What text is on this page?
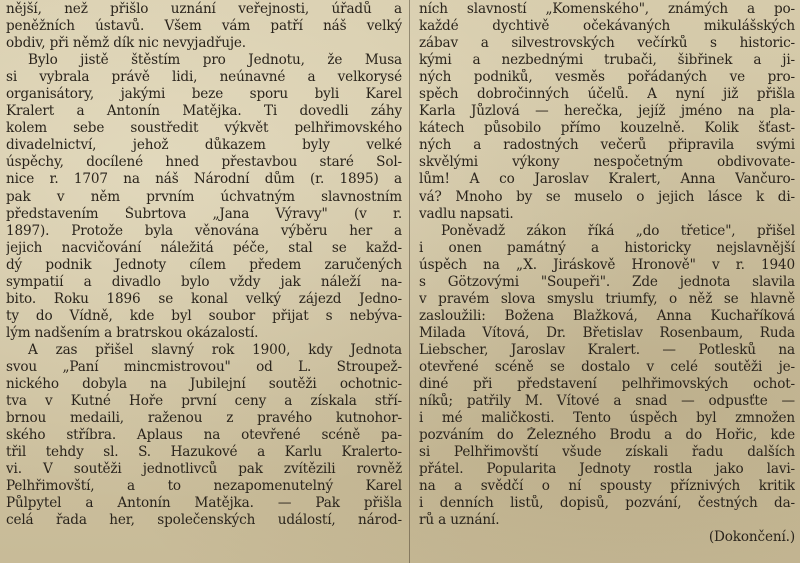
nější, než přišlo uznání veřejnosti, úřadů a
peněžních ústavů. Všem vám patří náš velký
obdiv, při němž dík nic nevyjadřuje.
Bylo jistě štěstím pro Jednotu, že Musa
si vybrala právě lidi, neúnavné a velkorysé
organisátory, jakými beze sporu byli Karel
Kralert a Antonín Matějka. Ti dovedli záhy
kolem sebe soustředit výkvět pelhřimovského
divadelnictví, jehož důkazem byly velké
úspěchy, docílené hned přestavbou staré Sol-
nice r. 1707 na náš Národní dům (r. 1895) a
pak v něm prvním úchvatným slavnostním
představením Šubrtova „Jana Výravy" (v r.
1897). Protože byla věnována výběru her a
jejich nacvičování náležitá péče, stal se každ-
dý podnik Jednoty cílem předem zaručených
sympatií a divadlo bylo vždy jak náleží na-
bito. Roku 1896 se konal velký zájezd Jedno-
ty do Vídně, kde byl soubor přijat s nebýva-
lým nadšením a bratrskou okázalostí.
A zas přišel slavný rok 1900, kdy Jednota
svou „Paní mincmistrovou" od L. Stroupež-
nického dobyla na Jubilejní soutěži ochotnic-
tva v Kutné Hoře první ceny a získala stří-
brnou medaili, raženou z pravého kutnohor-
ského stříbra. Aplaus na otevřené scéně pa-
třil tehdy sl. S. Hazukové a Karlu Kralerto-
vi. V soutěži jednotlivců pak zvítězili rovněž
Pelhřimovští, a to nezapomenutelný Karel
Půlpytel a Antonín Matějka. — Pak přišla
celá řada her, společenských událostí, národ-
ních slavností „Komenského", známých a po-
každé dychtivě očekávaných mikulášských
zábav a silvestrovských večírků s historic-
kými a nezbednými trubači, šibřinek a ji-
ných podniků, vesměs pořádaných ve pro-
spěch dobročinných účelů. A nyní již přišla
Karla Jůzlová — herečka, jejíž jméno na pla-
kátech působilo přímo kouzelně. Kolik šťast-
ných a radostných večerů připravila svými
skvělými výkony nespočetným obdivovate-
lům! A co Jaroslav Kralert, Anna Vančuro-
vá? Mnoho by se muselo o jejich lásce k di-
vadlu napsati.
Poněvadž zákon říká „do třetice", přišel
i onen památný a historicky nejslavnější
úspěch na „X. Jiráskově Hronově" v r. 1940
s Götzovými "Soupeři". Zde jednota slavila
v pravém slova smyslu triumfy, o něž se hlavně
zasloužili: Božena Blažková, Anna Kuchaříková
Milada Vítová, Dr. Břetislav Rosenbaum, Ruda
Liebscher, Jaroslav Kralert. — Potlesků na
otevřené scéně se dostalo v celé soutěži je-
diné při představení pelhřimovských ochot-
níků; patřily M. Vítové a snad — odpusťte —
i mé maličkosti. Tento úspěch byl zmnožen
pozváním do Železného Brodu a do Hořic, kde
si Pelhřimovští všude získali řadu dalších
přátel. Popularita Jednoty rostla jako lavi-
na a svědčí o ní spousty příznivých kritik
i denních listů, dopisů, pozvání, čestných da-
rů a uznání.
(Dokončení.)
